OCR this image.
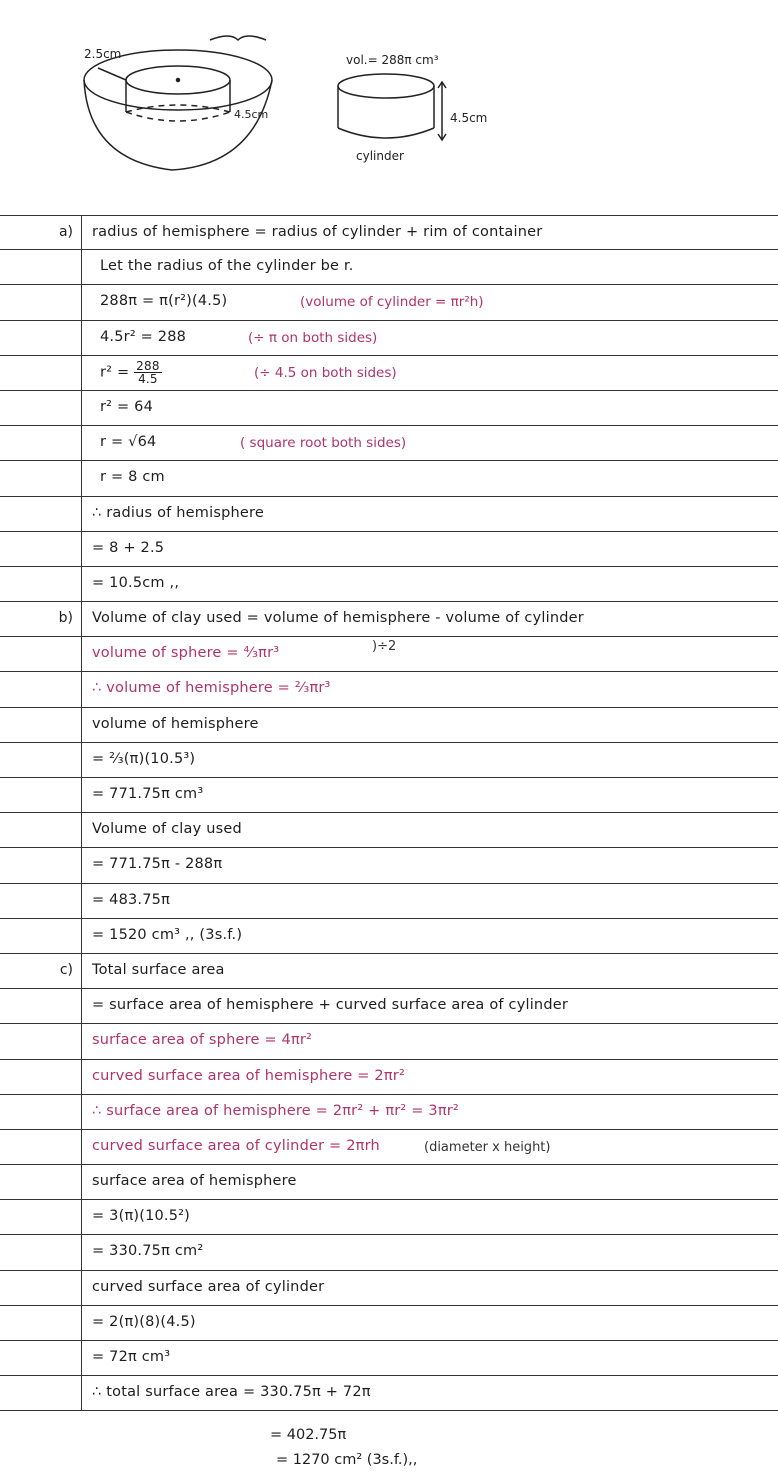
2.5cm
4.5cm
vol.= 288π cm³
4.5cm
cylinder
a)	radius of hemisphere = radius of cylinder + rim of container
Let the radius of the cylinder be r.
288π = π(r²)(4.5)	(volume of cylinder = πr²h)
4.5r² = 288	(÷ π on both sides)
$r^2 = \frac{288}{4.5}$	(÷ 4.5 on both sides)
r² = 64
r = √64	( square root both sides)
r = 8 cm
∴ radius of hemisphere
= 8 + 2.5
= 10.5cm ,,
b)	Volume of clay used = volume of hemisphere - volume of cylinder
volume of sphere = ⁴⁄₃πr³	)÷2
∴ volume of hemisphere = ²⁄₃πr³
volume of hemisphere
= ²⁄₃(π)(10.5³)
= 771.75π cm³
Volume of clay used
= 771.75π - 288π
= 483.75π
= 1520 cm³ ,, (3s.f.)
c)	Total surface area
= surface area of hemisphere + curved surface area of cylinder
surface area of sphere = 4πr²
curved surface area of hemisphere = 2πr²
∴ surface area of hemisphere = 2πr² + πr² = 3πr²
curved surface area of cylinder = 2πrh	(diameter x height)
surface area of hemisphere
= 3(π)(10.5²)
= 330.75π cm²
curved surface area of cylinder
= 2(π)(8)(4.5)
= 72π cm³
∴ total surface area = 330.75π + 72π
= 402.75π
= 1270 cm² (3s.f.),,
